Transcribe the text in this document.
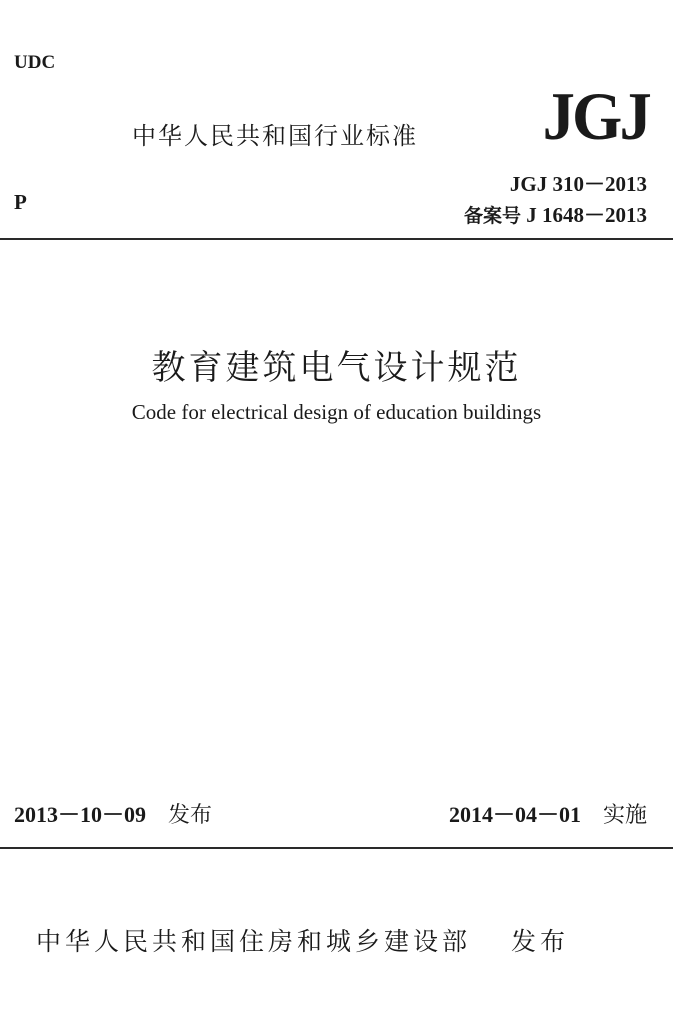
UDC
P
中华人民共和国行业标准 JGJ
JGJ 310－2013
备案号 J 1648－2013
教育建筑电气设计规范
Code for electrical design of education buildings
2013－10－09 发布	2014－04－01 实施
中华人民共和国住房和城乡建设部 发布
